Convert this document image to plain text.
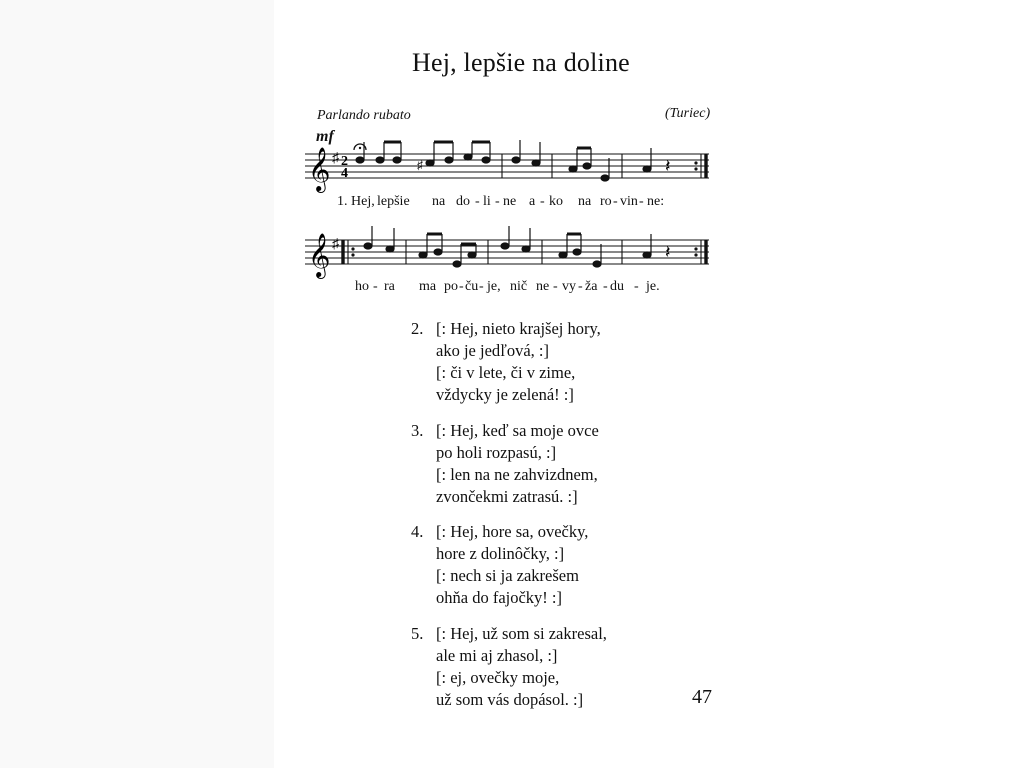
Hej, lepšie na doline
Parlando rubato	(Turiec)
mf
𝄞 ♯ 2
4
♯	𝄽
1. Hej, lepšie na do - li - ne a - ko na ro - vin - ne:
𝄞 ♯	𝄽
ho - ra ma po - ču - je, nič ne - vy - ža - du - je.
2. [: Hej, nieto krajšej hory,
ako je jedľová, :]
[: či v lete, či v zime,
vždycky je zelená! :]
3. [: Hej, keď sa moje ovce
po holi rozpasú, :]
[: len na ne zahvizdnem,
zvončekmi zatrasú. :]
4. [: Hej, hore sa, ovečky,
hore z dolinôčky, :]
[: nech si ja zakrešem
ohňa do fajočky! :]
5. [: Hej, už som si zakresal,
ale mi aj zhasol, :]
[: ej, ovečky moje,
už som vás dopásol. :]	47
